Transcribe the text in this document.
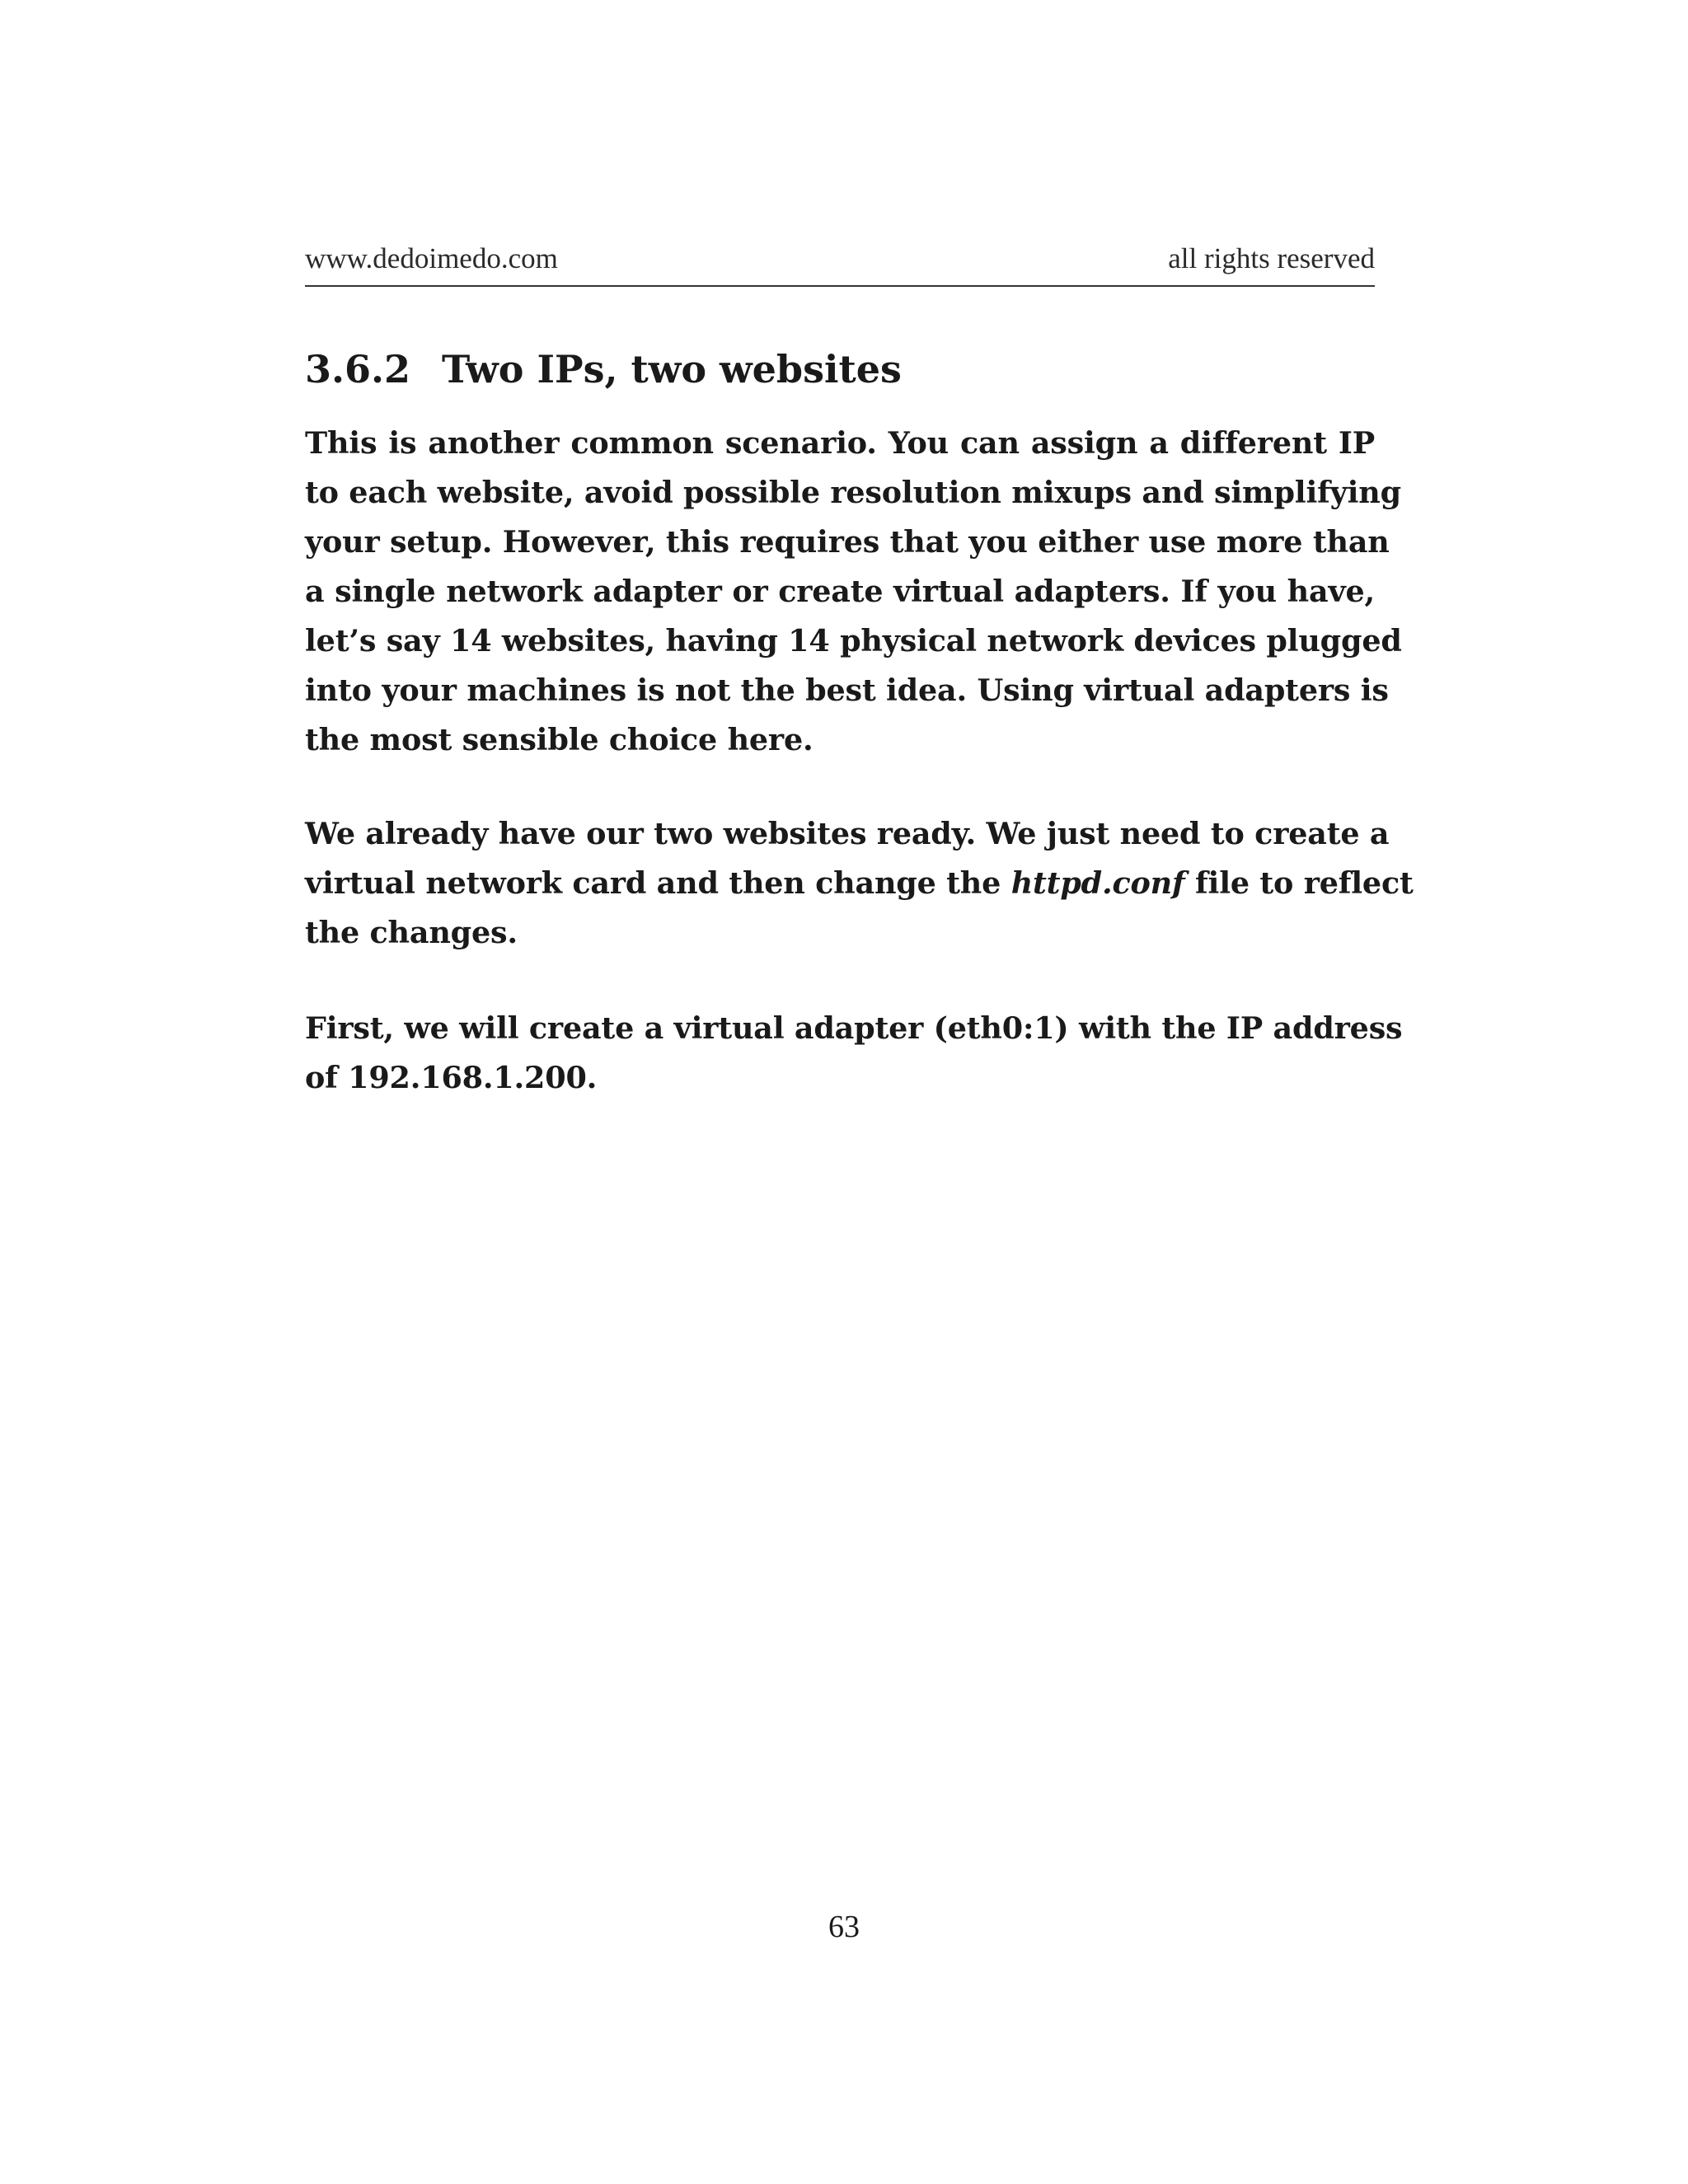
www.dedoimedo.com	all rights reserved
3.6.2 Two IPs, two websites
This is another common scenario. You can assign a different IP
to each website, avoid possible resolution mixups and simplifying
your setup. However, this requires that you either use more than
a single network adapter or create virtual adapters. If you have,
let’s say 14 websites, having 14 physical network devices plugged
into your machines is not the best idea. Using virtual adapters is
the most sensible choice here.
We already have our two websites ready. We just need to create a
virtual network card and then change the httpd.conf file to reflect
the changes.
First, we will create a virtual adapter (eth0:1) with the IP address
of 192.168.1.200.
63
